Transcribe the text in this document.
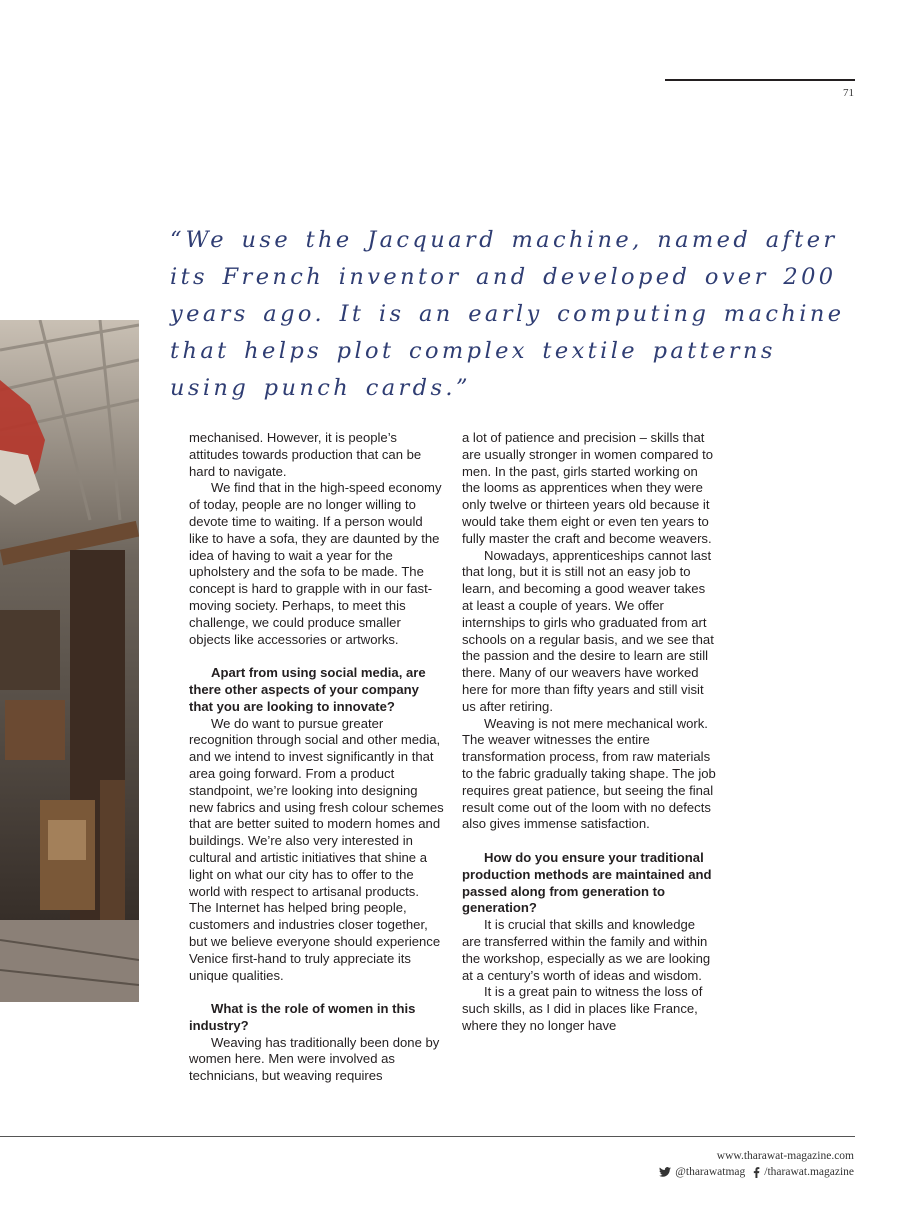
71

“We use the Jacquard machine, named after its French inventor and developed over 200 years ago. It is an early computing machine that helps plot complex textile patterns using punch cards.”

mechanised. However, it is people’s attitudes towards production that can be hard to navigate.

We find that in the high-speed economy of today, people are no longer willing to devote time to waiting. If a person would like to have a sofa, they are daunted by the idea of having to wait a year for the upholstery and the sofa to be made. The concept is hard to grapple with in our fast-moving society. Perhaps, to meet this challenge, we could produce smaller objects like accessories or artworks.

Apart from using social media, are there other aspects of your company that you are looking to innovate?

We do want to pursue greater recognition through social and other media, and we intend to invest significantly in that area going forward. From a product standpoint, we’re looking into designing new fabrics and using fresh colour schemes that are better suited to modern homes and buildings. We’re also very interested in cultural and artistic initiatives that shine a light on what our city has to offer to the world with respect to artisanal products. The Internet has helped bring people, customers and industries closer together, but we believe everyone should experience Venice first-hand to truly appreciate its unique qualities.

What is the role of women in this industry?

Weaving has traditionally been done by women here. Men were involved as technicians, but weaving requires

a lot of patience and precision – skills that are usually stronger in women compared to men. In the past, girls started working on the looms as apprentices when they were only twelve or thirteen years old because it would take them eight or even ten years to fully master the craft and become weavers.

Nowadays, apprenticeships cannot last that long, but it is still not an easy job to learn, and becoming a good weaver takes at least a couple of years. We offer internships to girls who graduated from art schools on a regular basis, and we see that the passion and the desire to learn are still there. Many of our weavers have worked here for more than fifty years and still visit us after retiring.

Weaving is not mere mechanical work. The weaver witnesses the entire transformation process, from raw materials to the fabric gradually taking shape. The job requires great patience, but seeing the final result come out of the loom with no defects also gives immense satisfaction.

How do you ensure your traditional production methods are maintained and passed along from generation to generation?

It is crucial that skills and knowledge are transferred within the family and within the workshop, especially as we are looking at a century’s worth of ideas and wisdom.

It is a great pain to witness the loss of such skills, as I did in places like France, where they no longer have

www.tharawat-magazine.com
@tharawatmag /tharawat.magazine
